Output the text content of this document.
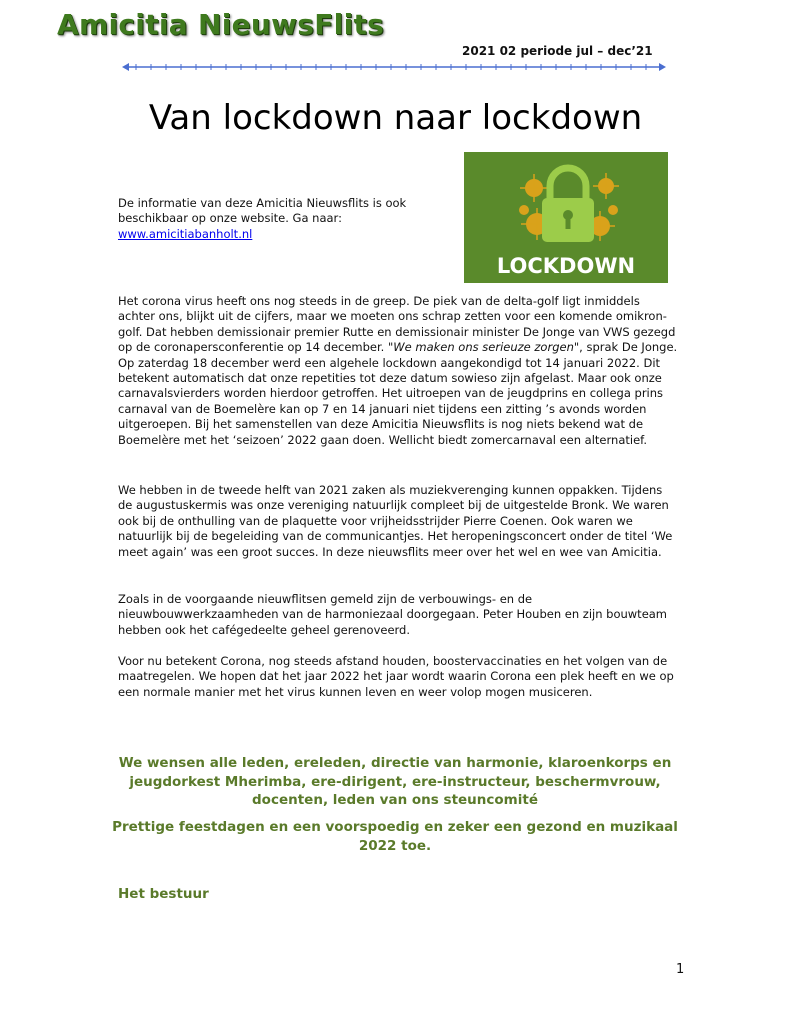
Amicitia NieuwsFlits
2021 02 periode jul – dec’21
Van lockdown naar lockdown
LOCKDOWN
De informatie van deze Amicitia Nieuwsflits is ook beschikbaar op onze website. Ga naar:
www.amicitiabanholt.nl

Het corona virus heeft ons nog steeds in de greep. De piek van de delta-golf ligt inmiddels achter ons, blijkt uit de cijfers, maar we moeten ons schrap zetten voor een komende omikron-golf. Dat hebben demissionair premier Rutte en demissionair minister De Jonge van VWS gezegd op de coronapersconferentie op 14 december. "We maken ons serieuze zorgen", sprak De Jonge. Op zaterdag 18 december werd een algehele lockdown aangekondigd tot 14 januari 2022. Dit betekent automatisch dat onze repetities tot deze datum sowieso zijn afgelast. Maar ook onze carnavalsvierders worden hierdoor getroffen. Het uitroepen van de jeugdprins en collega prins carnaval van de Boemelère kan op 7 en 14 januari niet tijdens een zitting ’s avonds worden uitgeroepen. Bij het samenstellen van deze Amicitia Nieuwsflits is nog niets bekend wat de Boemelère met het ‘seizoen’ 2022 gaan doen. Wellicht biedt zomercarnaval een alternatief.

We hebben in de tweede helft van 2021 zaken als muziekverenging kunnen oppakken. Tijdens de augustuskermis was onze vereniging natuurlijk compleet bij de uitgestelde Bronk. We waren ook bij de onthulling van de plaquette voor vrijheidsstrijder Pierre Coenen. Ook waren we natuurlijk bij de begeleiding van de communicantjes. Het heropeningsconcert onder de titel ‘We meet again’ was een groot succes. In deze nieuwsflits meer over het wel en wee van Amicitia.

Zoals in de voorgaande nieuwflitsen gemeld zijn de verbouwings- en de nieuwbouwwerkzaamheden van de harmoniezaal doorgegaan. Peter Houben en zijn bouwteam hebben ook het cafégedeelte geheel gerenoveerd.

Voor nu betekent Corona, nog steeds afstand houden, boostervaccinaties en het volgen van de maatregelen. We hopen dat het jaar 2022 het jaar wordt waarin Corona een plek heeft en we op een normale manier met het virus kunnen leven en weer volop mogen musiceren.

We wensen alle leden, ereleden, directie van harmonie, klaroenkorps en jeugdorkest Mherimba, ere-dirigent, ere-instructeur, beschermvrouw, docenten, leden van ons steuncomité

Prettige feestdagen en een voorspoedig en zeker een gezond en muzikaal 2022 toe.

Het bestuur
1
